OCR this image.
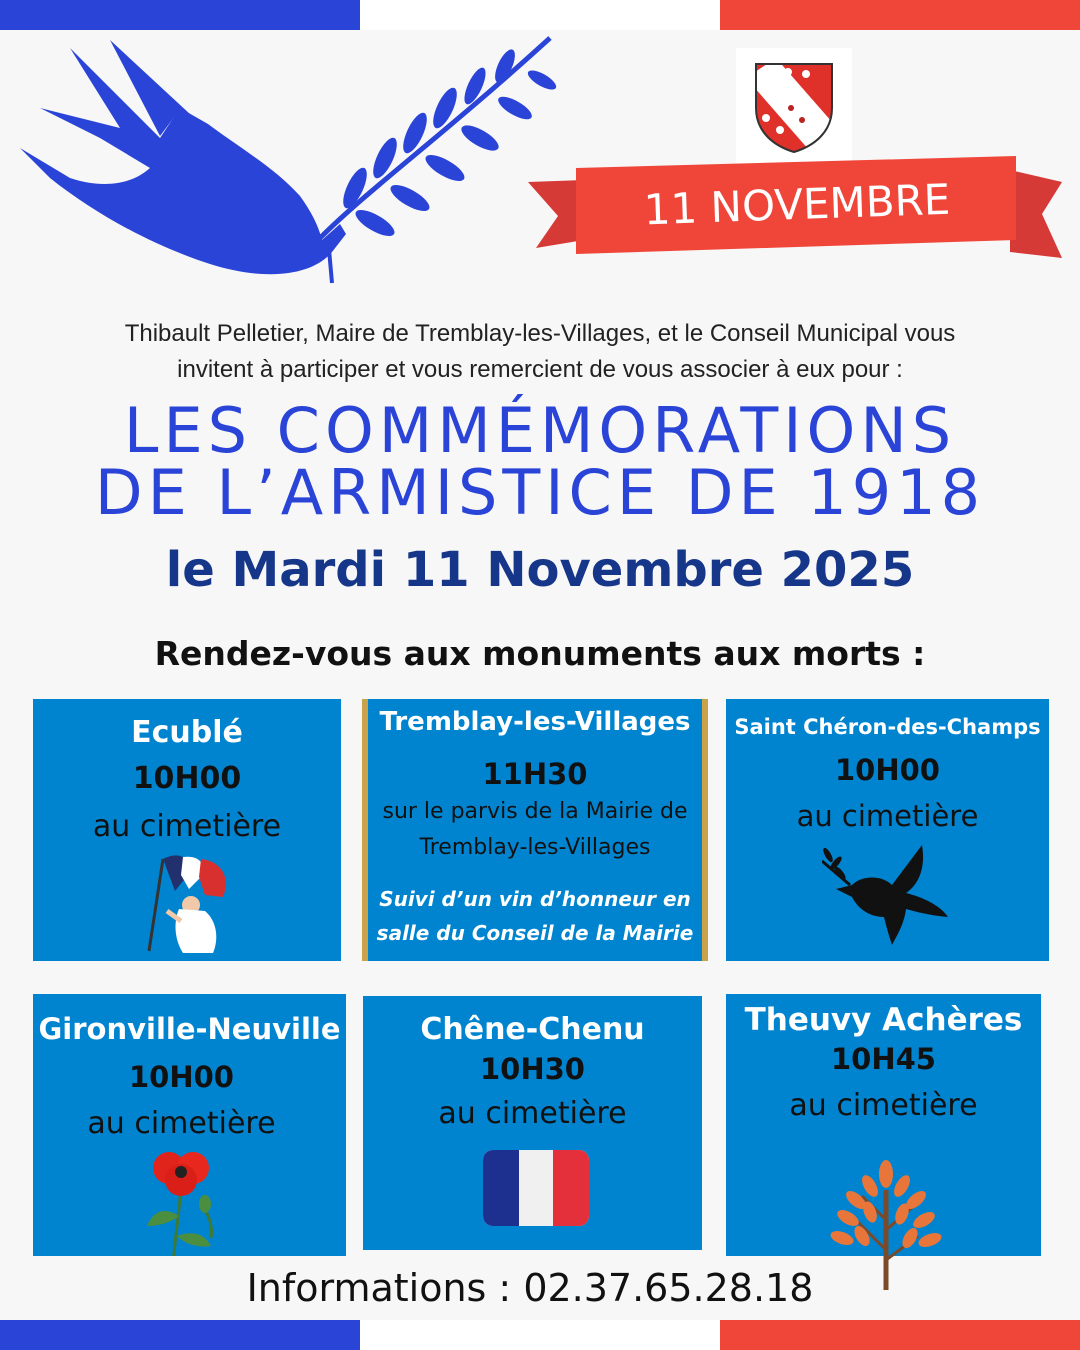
11 NOVEMBRE
Thibault Pelletier, Maire de Tremblay-les-Villages, et le Conseil Municipal vous
invitent à participer et vous remercient de vous associer à eux pour :
LES COMMÉMORATIONS
DE L’ARMISTICE DE 1918
le Mardi 11 Novembre 2025
Rendez-vous aux monuments aux morts :
Ecublé
10H00
au cimetière
Tremblay-les-Villages
11H30
sur le parvis de la Mairie de
Tremblay-les-Villages
Suivi d’un vin d’honneur en
salle du Conseil de la Mairie
Saint Chéron-des-Champs
10H00
au cimetière
Gironville-Neuville
10H00
au cimetière
Chêne-Chenu
10H30
au cimetière
Theuvy Achères
10H45
au cimetière
Informations : 02.37.65.28.18
